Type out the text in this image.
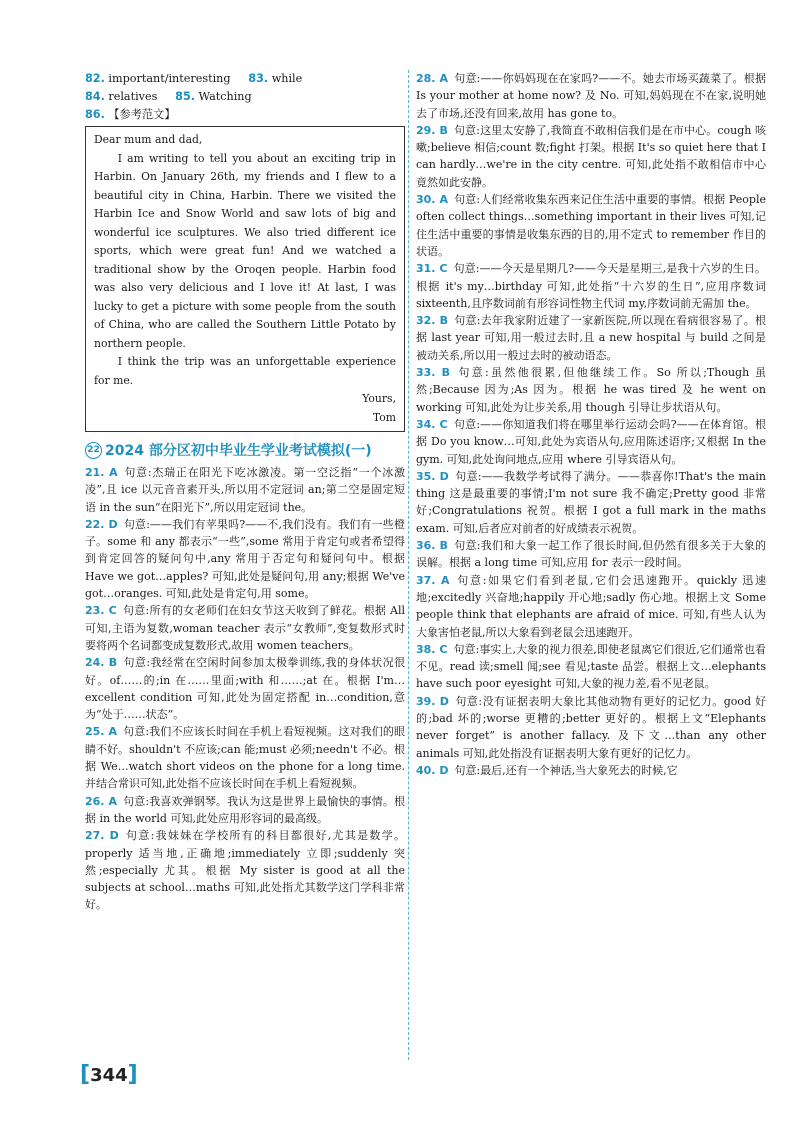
82. important/interesting 83. while
84. relatives 85. Watching
86. 【参考范文】

Dear mum and dad,

I am writing to tell you about an exciting trip in Harbin. On January 26th, my friends and I flew to a beautiful city in China, Harbin. There we visited the Harbin Ice and Snow World and saw lots of big and wonderful ice sculptures. We also tried different ice sports, which were great fun! And we watched a traditional show by the Oroqen people. Harbin food was also very delicious and I love it! At last, I was lucky to get a picture with some people from the south of China, who are called the Southern Little Potato by northern people.

I think the trip was an unforgettable experience for me.

Yours,

Tom

22 2024 部分区初中毕业生学业考试模拟(一)

21. A 句意:杰瑞正在阳光下吃冰激凌。第一空泛指“一个冰激凌”,且 ice 以元音音素开头,所以用不定冠词 an;第二空是固定短语 in the sun“在阳光下”,所以用定冠词 the。

22. D 句意:——我们有苹果吗?——不,我们没有。我们有一些橙子。some 和 any 都表示“一些”,some 常用于肯定句或者希望得到肯定回答的疑问句中,any 常用于否定句和疑问句中。根据 Have we got…apples? 可知,此处是疑问句,用 any;根据 We've got…oranges. 可知,此处是肯定句,用 some。

23. C 句意:所有的女老师们在妇女节这天收到了鲜花。根据 All 可知,主语为复数,woman teacher 表示“女教师”,变复数形式时要将两个名词都变成复数形式,故用 women teachers。

24. B 句意:我经常在空闲时间参加太极拳训练,我的身体状况很好。of……的;in 在……里面;with 和……;at 在。根据 I'm…excellent condition 可知,此处为固定搭配 in…condition,意为“处于……状态”。

25. A 句意:我们不应该长时间在手机上看短视频。这对我们的眼睛不好。shouldn't 不应该;can 能;must 必须;needn't 不必。根据 We…watch short videos on the phone for a long time. 并结合常识可知,此处指不应该长时间在手机上看短视频。

26. A 句意:我喜欢弹钢琴。我认为这是世界上最愉快的事情。根据 in the world 可知,此处应用形容词的最高级。

27. D 句意:我妹妹在学校所有的科目都很好,尤其是数学。properly 适当地,正确地;immediately 立即;suddenly 突然;especially 尤其。根据 My sister is good at all the subjects at school…maths 可知,此处指尤其数学这门学科非常好。

28. A 句意:——你妈妈现在在家吗?——不。她去市场买蔬菜了。根据 Is your mother at home now? 及 No. 可知,妈妈现在不在家,说明她去了市场,还没有回来,故用 has gone to。

29. B 句意:这里太安静了,我简直不敢相信我们是在市中心。cough 咳嗽;believe 相信;count 数;fight 打架。根据 It's so quiet here that I can hardly…we're in the city centre. 可知,此处指不敢相信市中心竟然如此安静。

30. A 句意:人们经常收集东西来记住生活中重要的事情。根据 People often collect things…something important in their lives 可知,记住生活中重要的事情是收集东西的目的,用不定式 to remember 作目的状语。

31. C 句意:——今天是星期几?——今天是星期三,是我十六岁的生日。根据 it's my…birthday 可知,此处指“十六岁的生日”,应用序数词 sixteenth,且序数词前有形容词性物主代词 my,序数词前无需加 the。

32. B 句意:去年我家附近建了一家新医院,所以现在看病很容易了。根据 last year 可知,用一般过去时,且 a new hospital 与 build 之间是被动关系,所以用一般过去时的被动语态。

33. B 句意:虽然他很累,但他继续工作。So 所以;Though 虽然;Because 因为;As 因为。根据 he was tired 及 he went on working 可知,此处为让步关系,用 though 引导让步状语从句。

34. C 句意:——你知道我们将在哪里举行运动会吗?——在体育馆。根据 Do you know…可知,此处为宾语从句,应用陈述语序;又根据 In the gym. 可知,此处询问地点,应用 where 引导宾语从句。

35. D 句意:——我数学考试得了满分。——恭喜你!That's the main thing 这是最重要的事情;I'm not sure 我不确定;Pretty good 非常好;Congratulations 祝贺。根据 I got a full mark in the maths exam. 可知,后者应对前者的好成绩表示祝贺。

36. B 句意:我们和大象一起工作了很长时间,但仍然有很多关于大象的误解。根据 a long time 可知,应用 for 表示一段时间。

37. A 句意:如果它们看到老鼠,它们会迅速跑开。quickly 迅速地;excitedly 兴奋地;happily 开心地;sadly 伤心地。根据上文 Some people think that elephants are afraid of mice. 可知,有些人认为大象害怕老鼠,所以大象看到老鼠会迅速跑开。

38. C 句意:事实上,大象的视力很差,即使老鼠离它们很近,它们通常也看不见。read 读;smell 闻;see 看见;taste 品尝。根据上文…elephants have such poor eyesight 可知,大象的视力差,看不见老鼠。

39. D 句意:没有证据表明大象比其他动物有更好的记忆力。good 好的;bad 坏的;worse 更糟的;better 更好的。根据上文“Elephants never forget” is another fallacy. 及下文…than any other animals 可知,此处指没有证据表明大象有更好的记忆力。

40. D 句意:最后,还有一个神话,当大象死去的时候,它

[344]
